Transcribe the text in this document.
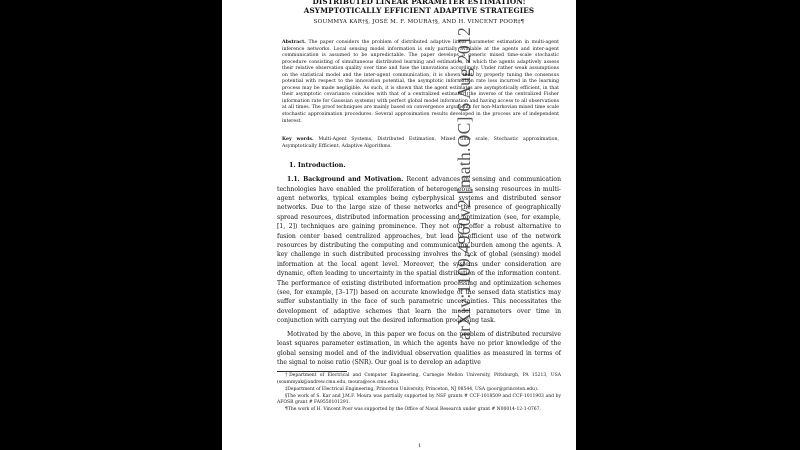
arXiv:1109.4960v2 [math.OC] 6 Aug 2012
DISTRIBUTED LINEAR PARAMETER ESTIMATION:
ASYMPTOTICALLY EFFICIENT ADAPTIVE STRATEGIES
SOUMMYA KAR†§, JOSÉ M. F. MOURA†§, AND H. VINCENT POOR‡¶
Abstract. The paper considers the problem of distributed adaptive linear parameter estimation in multi-agent inference networks. Local sensing model information is only partially available at the agents and inter-agent communication is assumed to be unpredictable. The paper develops a generic mixed time-scale stochastic procedure consisting of simultaneous distributed learning and estimation, in which the agents adaptively assess their relative observation quality over time and fuse the innovations accordingly. Under rather weak assumptions on the statistical model and the inter-agent communication, it is shown that, by properly tuning the consensus potential with respect to the innovation potential, the asymptotic information rate loss incurred in the learning process may be made negligible. As such, it is shown that the agent estimates are asymptotically efficient, in that their asymptotic covariance coincides with that of a centralized estimator (the inverse of the centralized Fisher information rate for Gaussian systems) with perfect global model information and having access to all observations at all times. The proof techniques are mainly based on convergence arguments for non-Markovian mixed time scale stochastic approximation procedures. Several approximation results developed in the process are of independent interest.
Key words. Multi-Agent Systems, Distributed Estimation, Mixed time scale, Stochastic approximation, Asymptotically Efficient, Adaptive Algorithms.
1. Introduction.
1.1. Background and Motivation. Recent advances in sensing and communication technologies have enabled the proliferation of heterogeneous sensing resources in multi-agent networks, typical examples being cyberphysical systems and distributed sensor networks. Due to the large size of these networks and the presence of geographically spread resources, distributed information processing and optimization (see, for example, [1, 2]) techniques are gaining prominence. They not only offer a robust alternative to fusion center based centralized approaches, but lead to efficient use of the network resources by distributing the computing and communication burden among the agents. A key challenge in such distributed processing involves the lack of global (sensing) model information at the local agent level. Moreover, the systems under consideration are dynamic, often leading to uncertainty in the spatial distribution of the information content. The performance of existing distributed information processing and optimization schemes (see, for example, [3–17]) based on accurate knowledge of the sensed data statistics may suffer substantially in the face of such parametric uncertainties. This necessitates the development of adaptive schemes that learn the model parameters over time in conjunction with carrying out the desired information processing task.
Motivated by the above, in this paper we focus on the problem of distributed recursive least squares parameter estimation, in which the agents have no prior knowledge of the global sensing model and of the individual observation qualities as measured in terms of the signal to noise ratio (SNR). Our goal is to develop an adaptive
†Department of Electrical and Computer Engineering, Carnegie Mellon University, Pittsburgh, PA 15213, USA (soummyak@andrew.cmu.edu, moura@ece.cmu.edu).
‡Department of Electrical Engineering, Princeton University, Princeton, NJ 08544, USA (poor@princeton.edu).
§The work of S. Kar and J.M.F. Moura was partially supported by NSF grants # CCF-1018509 and CCF-1011903 and by AFOSR grant # FA9550101291.
¶The work of H. Vincent Poor was supported by the Office of Naval Research under grant # N00014-12-1-0767.
1
